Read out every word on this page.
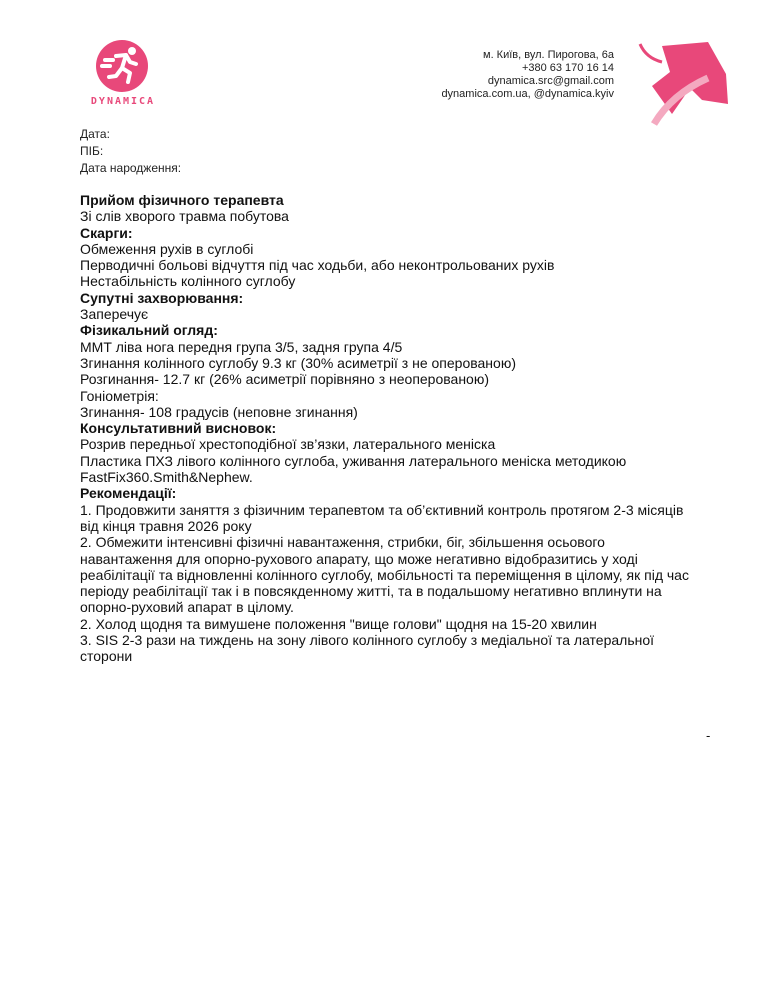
DYNAMICA
м. Київ, вул. Пирогова, 6а
+380 63 170 16 14
dynamica.src@gmail.com
dynamica.com.ua, @dynamica.kyiv
Дата:
ПІБ:
Дата народження:
Прийом фізичного терапевта
Зі слів хворого травма побутова
Скарги:
Обмеження рухів в суглобі
Перводичні больові відчуття під час ходьби, або неконтрольованих рухів
Нестабільність колінного суглобу
Супутні захворювання:
Заперечує
Фізикальний огляд:
ММТ ліва нога передня група 3/5, задня група 4/5
Згинання колінного суглобу 9.3 кг (30% асиметрії з не оперованою)
Розгинання- 12.7 кг (26% асиметрії порівняно з неоперованою)
Гоніометрія:
Згинання- 108 градусів (неповне згинання)
Консультативний висновок:
Розрив передньої хрестоподібної зв’язки, латерального меніска
Пластика ПХЗ лівого колінного суглоба, уживання латерального меніска методикою
FastFix360.Smith&Nephew.
Рекомендації:
1. Продовжити заняття з фізичним терапевтом та об’єктивний контроль протягом 2-3 місяців
від кінця травня 2026 року
2. Обмежити інтенсивні фізичні навантаження, стрибки, біг, збільшення осьового
навантаження для опорно-рухового апарату, що може негативно відобразитись у ході
реабілітації та відновленні колінного суглобу, мобільності та переміщення в цілому, як під час
періоду реабілітації так і в повсякденному житті, та в подальшому негативно вплинути на
опорно-руховий апарат в цілому.
2. Холод щодня та вимушене положення "вище голови" щодня на 15-20 хвилин
3. SIS 2-3 рази на тиждень на зону лівого колінного суглобу з медіальної та латеральної
сторони
-
